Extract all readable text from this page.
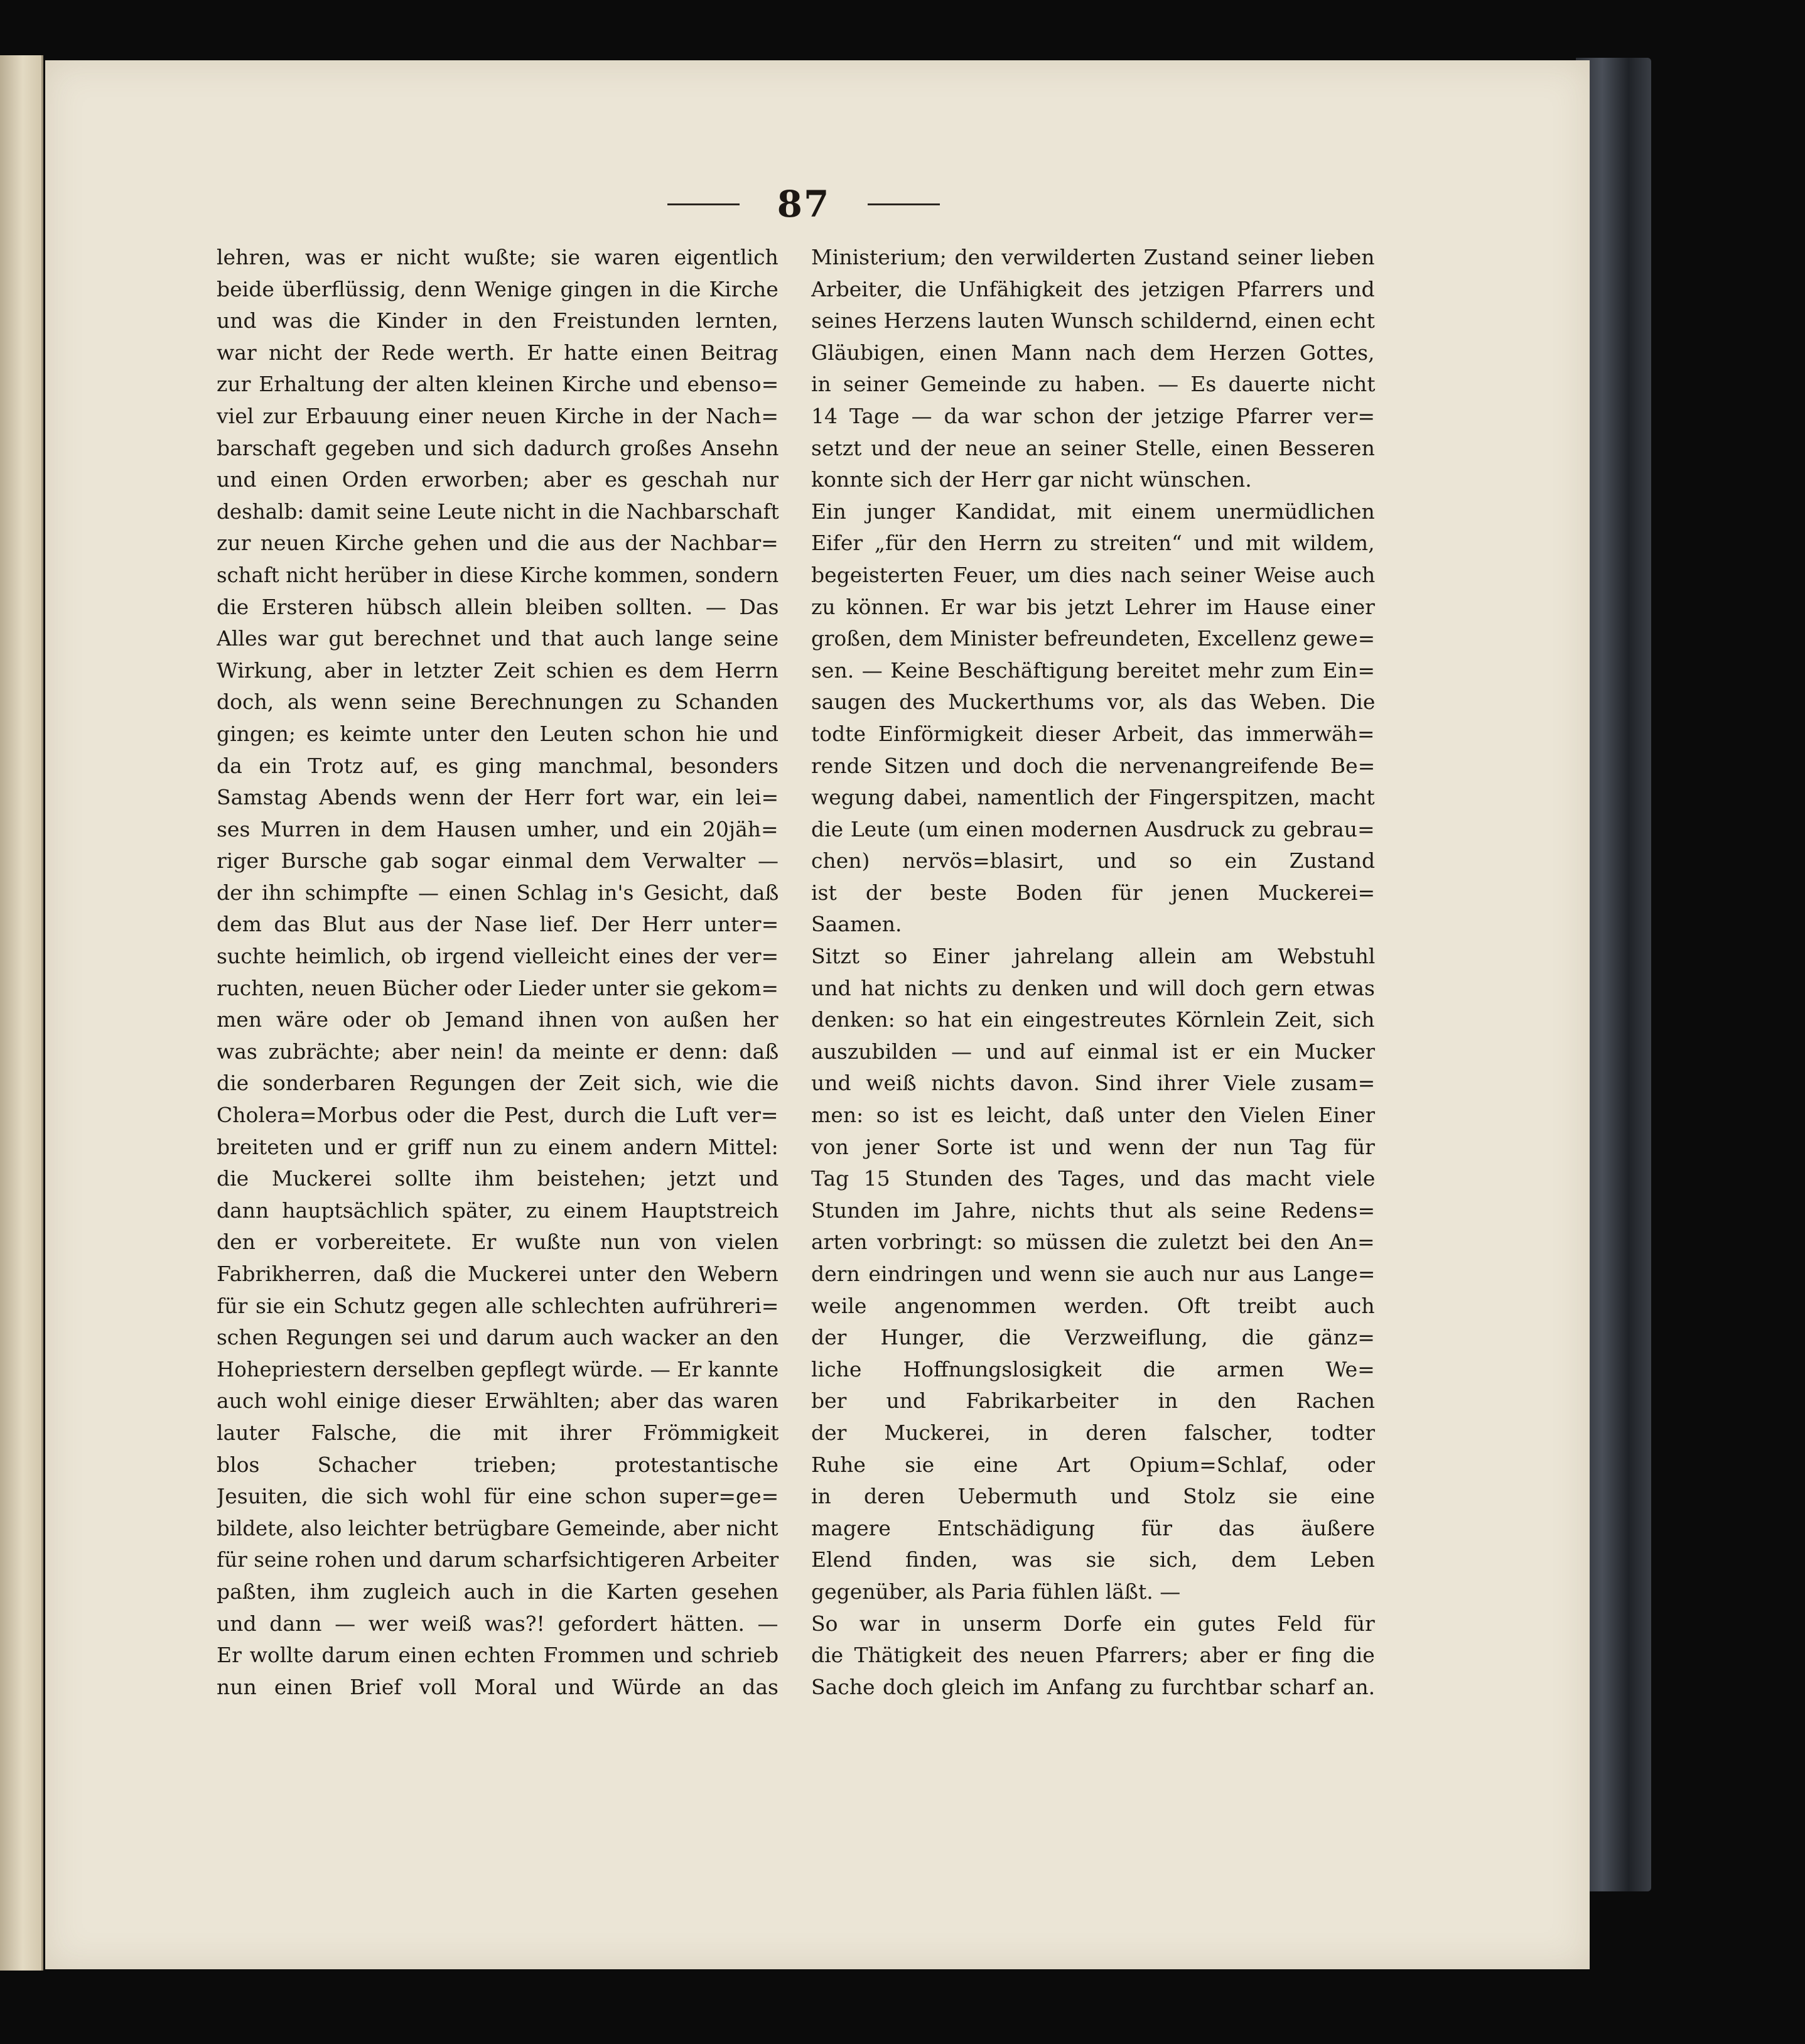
87
lehren, was er nicht wußte; sie waren eigentlich
beide überflüssig, denn Wenige gingen in die Kirche
und was die Kinder in den Freistunden lernten,
war nicht der Rede werth. Er hatte einen Beitrag
zur Erhaltung der alten kleinen Kirche und ebenso=
viel zur Erbauung einer neuen Kirche in der Nach=
barschaft gegeben und sich dadurch großes Ansehn
und einen Orden erworben; aber es geschah nur
deshalb: damit seine Leute nicht in die Nachbarschaft
zur neuen Kirche gehen und die aus der Nachbar=
schaft nicht herüber in diese Kirche kommen, sondern
die Ersteren hübsch allein bleiben sollten. — Das
Alles war gut berechnet und that auch lange seine
Wirkung, aber in letzter Zeit schien es dem Herrn
doch, als wenn seine Berechnungen zu Schanden
gingen; es keimte unter den Leuten schon hie und
da ein Trotz auf, es ging manchmal, besonders
Samstag Abends wenn der Herr fort war, ein lei=
ses Murren in dem Hausen umher, und ein 20jäh=
riger Bursche gab sogar einmal dem Verwalter —
der ihn schimpfte — einen Schlag in's Gesicht, daß
dem das Blut aus der Nase lief. Der Herr unter=
suchte heimlich, ob irgend vielleicht eines der ver=
ruchten, neuen Bücher oder Lieder unter sie gekom=
men wäre oder ob Jemand ihnen von außen her
was zubrächte; aber nein! da meinte er denn: daß
die sonderbaren Regungen der Zeit sich, wie die
Cholera=Morbus oder die Pest, durch die Luft ver=
breiteten und er griff nun zu einem andern Mittel:
die Muckerei sollte ihm beistehen; jetzt und
dann hauptsächlich später, zu einem Hauptstreich
den er vorbereitete. Er wußte nun von vielen
Fabrikherren, daß die Muckerei unter den Webern
für sie ein Schutz gegen alle schlechten aufrühreri=
schen Regungen sei und darum auch wacker an den
Hohepriestern derselben gepflegt würde. — Er kannte
auch wohl einige dieser Erwählten; aber das waren
lauter Falsche, die mit ihrer Frömmigkeit
blos Schacher trieben; protestantische
Jesuiten, die sich wohl für eine schon super=ge=
bildete, also leichter betrügbare Gemeinde, aber nicht
für seine rohen und darum scharfsichtigeren Arbeiter
paßten, ihm zugleich auch in die Karten gesehen
und dann — wer weiß was?! gefordert hätten. —
Er wollte darum einen echten Frommen und schrieb
nun einen Brief voll Moral und Würde an das
Ministerium; den verwilderten Zustand seiner lieben
Arbeiter, die Unfähigkeit des jetzigen Pfarrers und
seines Herzens lauten Wunsch schildernd, einen echt
Gläubigen, einen Mann nach dem Herzen Gottes,
in seiner Gemeinde zu haben. — Es dauerte nicht
14 Tage — da war schon der jetzige Pfarrer ver=
setzt und der neue an seiner Stelle, einen Besseren
konnte sich der Herr gar nicht wünschen.
Ein junger Kandidat, mit einem unermüdlichen
Eifer „für den Herrn zu streiten“ und mit wildem,
begeisterten Feuer, um dies nach seiner Weise auch
zu können. Er war bis jetzt Lehrer im Hause einer
großen, dem Minister befreundeten, Excellenz gewe=
sen. — Keine Beschäftigung bereitet mehr zum Ein=
saugen des Muckerthums vor, als das Weben. Die
todte Einförmigkeit dieser Arbeit, das immerwäh=
rende Sitzen und doch die nervenangreifende Be=
wegung dabei, namentlich der Fingerspitzen, macht
die Leute (um einen modernen Ausdruck zu gebrau=
chen) nervös=blasirt, und so ein Zustand
ist der beste Boden für jenen Muckerei=
Saamen.
Sitzt so Einer jahrelang allein am Webstuhl
und hat nichts zu denken und will doch gern etwas
denken: so hat ein eingestreutes Körnlein Zeit, sich
auszubilden — und auf einmal ist er ein Mucker
und weiß nichts davon. Sind ihrer Viele zusam=
men: so ist es leicht, daß unter den Vielen Einer
von jener Sorte ist und wenn der nun Tag für
Tag 15 Stunden des Tages, und das macht viele
Stunden im Jahre, nichts thut als seine Redens=
arten vorbringt: so müssen die zuletzt bei den An=
dern eindringen und wenn sie auch nur aus Lange=
weile angenommen werden. Oft treibt auch
der Hunger, die Verzweiflung, die gänz=
liche Hoffnungslosigkeit die armen We=
ber und Fabrikarbeiter in den Rachen
der Muckerei, in deren falscher, todter
Ruhe sie eine Art Opium=Schlaf, oder
in deren Uebermuth und Stolz sie eine
magere Entschädigung für das äußere
Elend finden, was sie sich, dem Leben
gegenüber, als Paria fühlen läßt. —
So war in unserm Dorfe ein gutes Feld für
die Thätigkeit des neuen Pfarrers; aber er fing die
Sache doch gleich im Anfang zu furchtbar scharf an.
